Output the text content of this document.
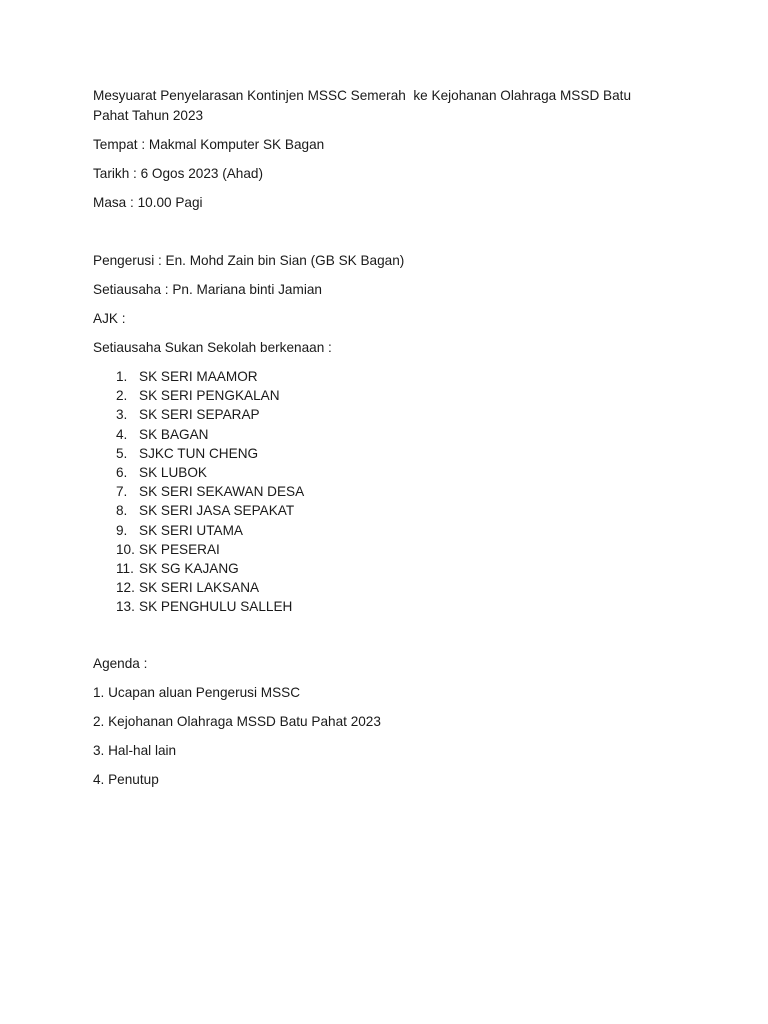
Mesyuarat Penyelarasan Kontinjen MSSC Semerah  ke Kejohanan Olahraga MSSD Batu Pahat Tahun 2023

Tempat : Makmal Komputer SK Bagan

Tarikh : 6 Ogos 2023 (Ahad)

Masa : 10.00 Pagi

Pengerusi : En. Mohd Zain bin Sian (GB SK Bagan)

Setiausaha : Pn. Mariana binti Jamian

AJK :

Setiausaha Sukan Sekolah berkenaan :

1. SK SERI MAAMOR
2. SK SERI PENGKALAN
3. SK SERI SEPARAP
4. SK BAGAN
5. SJKC TUN CHENG
6. SK LUBOK
7. SK SERI SEKAWAN DESA
8. SK SERI JASA SEPAKAT
9. SK SERI UTAMA
10. SK PESERAI
11. SK SG KAJANG
12. SK SERI LAKSANA
13. SK PENGHULU SALLEH

Agenda :

1. Ucapan aluan Pengerusi MSSC

2. Kejohanan Olahraga MSSD Batu Pahat 2023

3. Hal-hal lain

4. Penutup
